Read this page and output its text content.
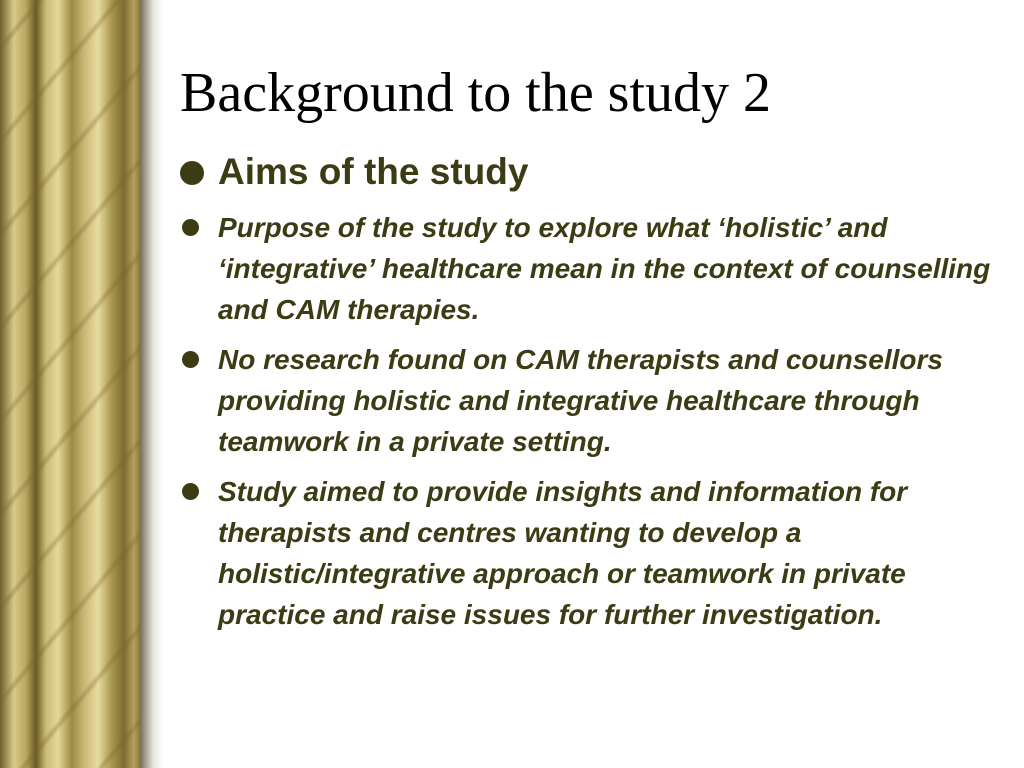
Background to the study 2
Aims of the study
Purpose of the study to explore what ‘holistic’ and ‘integrative’ healthcare mean in the context of counselling and CAM therapies.
No research found on CAM therapists and counsellors providing holistic and integrative healthcare through teamwork in a private setting.
Study aimed to provide insights and information for therapists and centres wanting to develop a holistic/integrative approach or teamwork in private practice and raise issues for further investigation.
